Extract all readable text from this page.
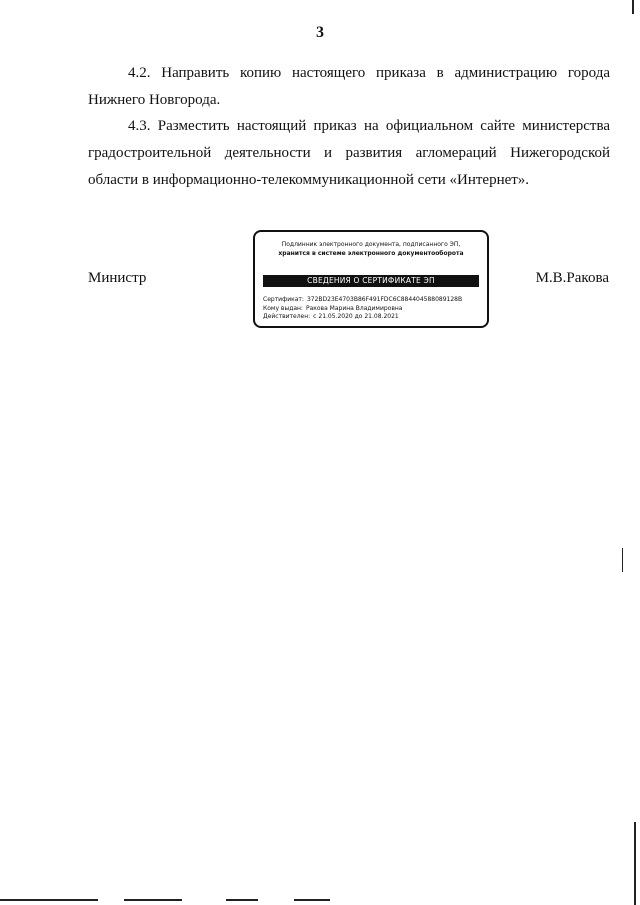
3

4.2. Направить копию настоящего приказа в администрацию города Нижнего Новгорода.

4.3. Разместить настоящий приказ на официальном сайте министерства градостроительной деятельности и развития агломераций Нижегородской области в информационно-телекоммуникационной сети «Интернет».

Министр	М.В.Ракова
Подлинник электронного документа, подписанного ЭП,
хранится в системе электронного документооборота
СВЕДЕНИЯ О СЕРТИФИКАТЕ ЭП
Сертификат: 372BD23E4703B86F491FDC6C884404588089128B
Кому выдан: Ракова Марина Владимировна
Действителен: с 21.05.2020 до 21.08.2021
